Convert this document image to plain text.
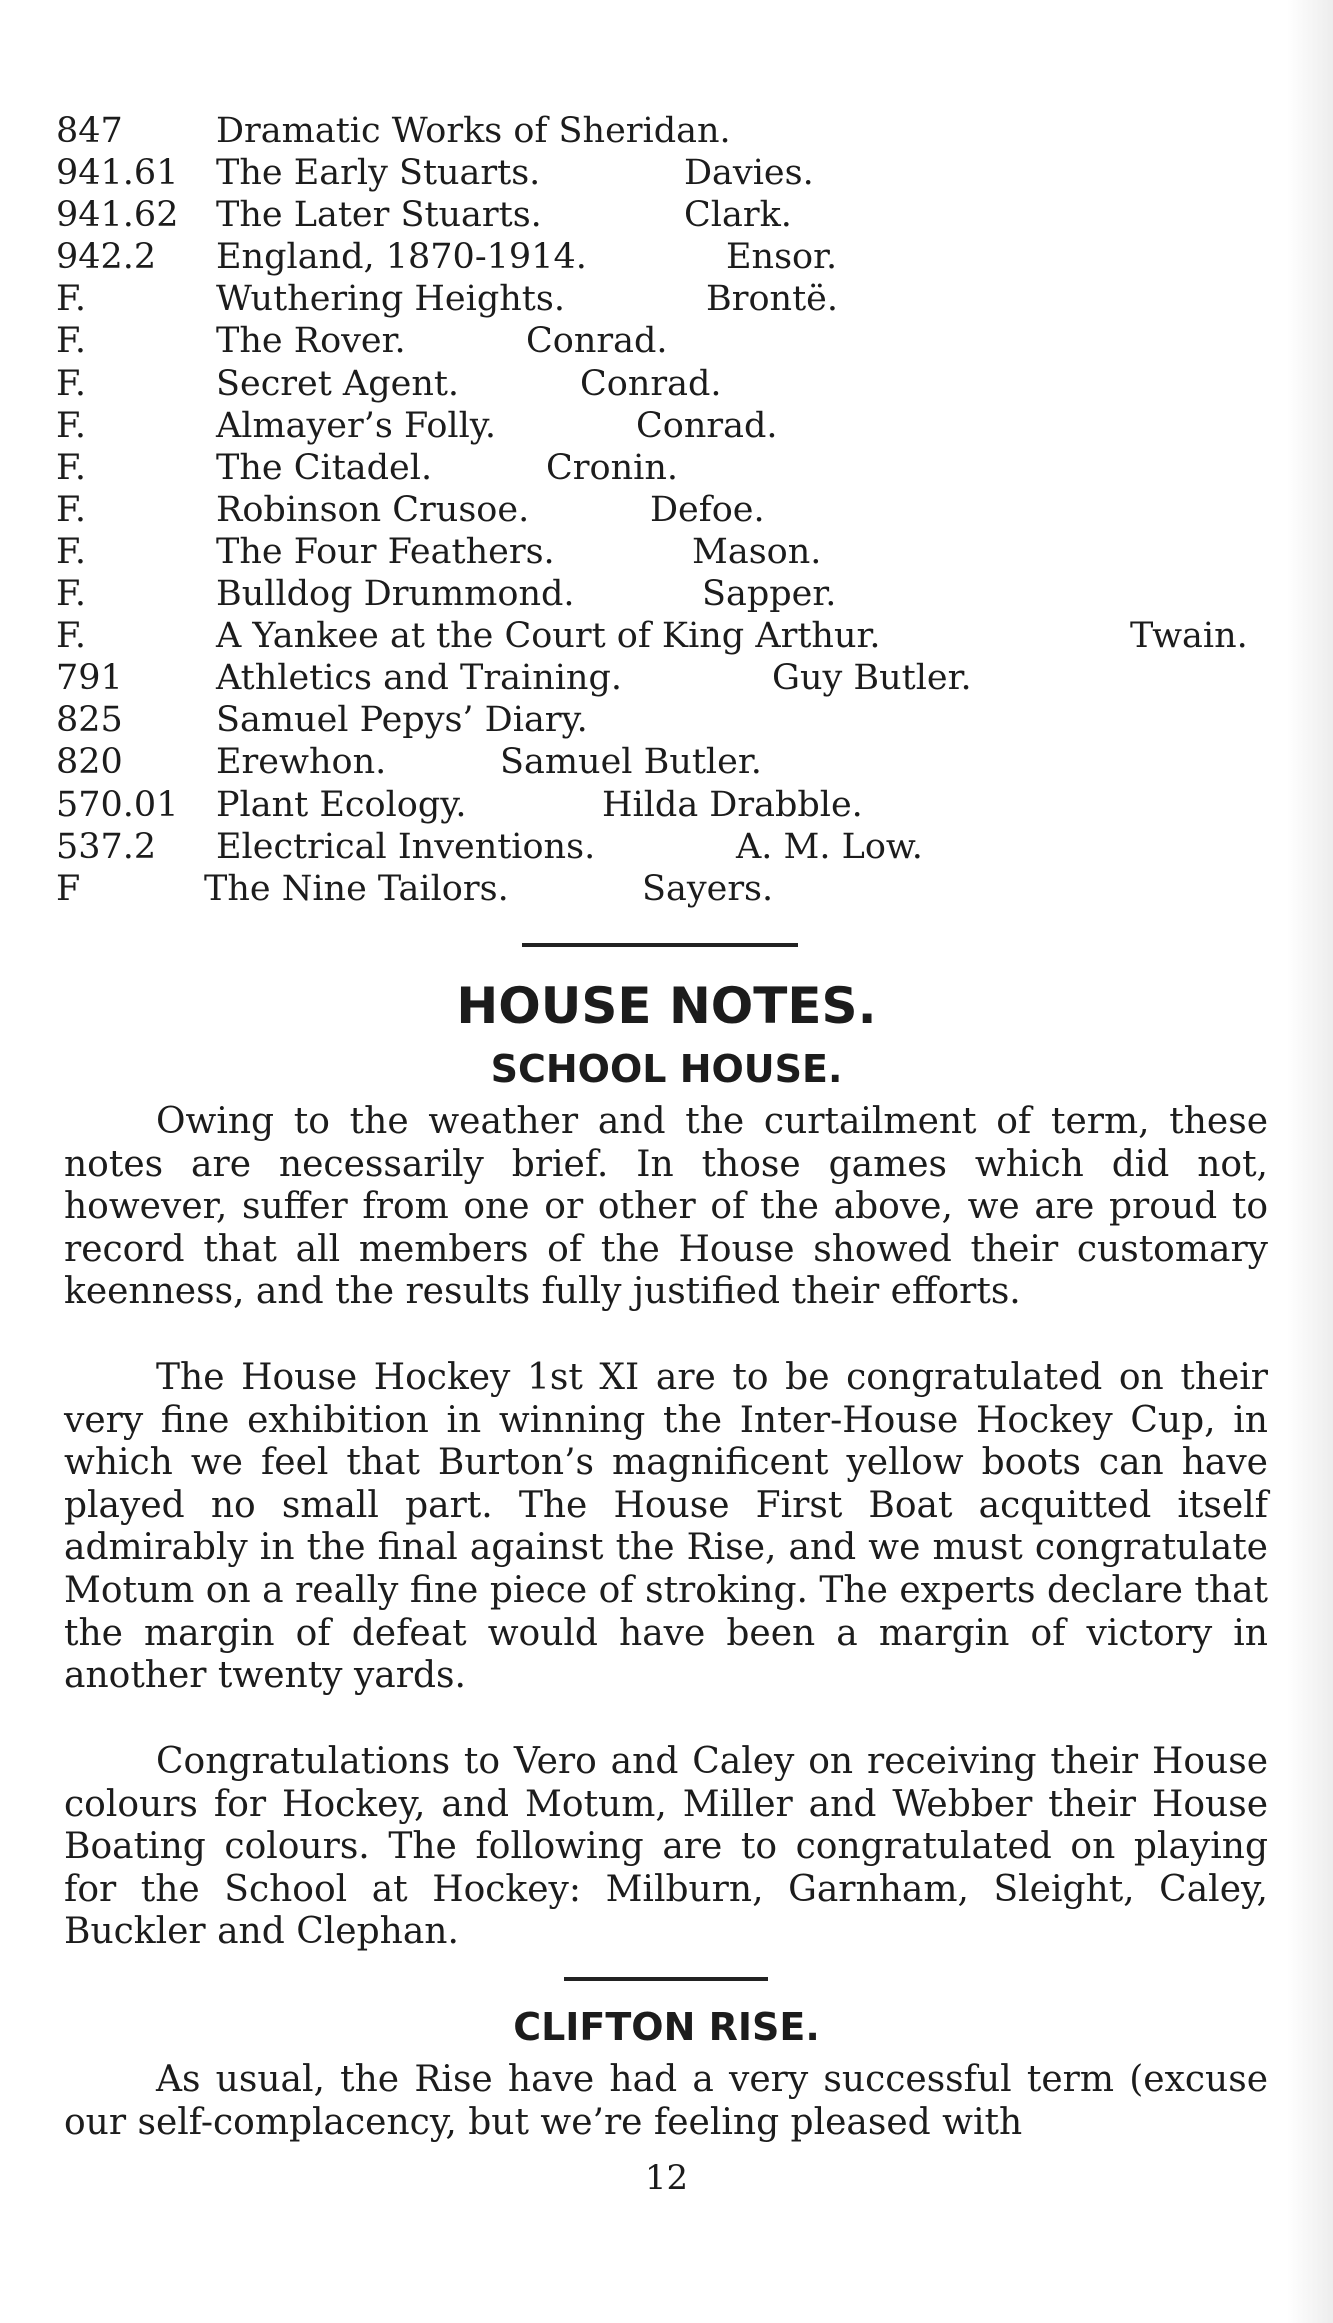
847	Dramatic Works of Sheridan.
941.61 The Early Stuarts.	Davies.
941.62 The Later Stuarts.	Clark.
942.2 England, 1870-1914.	Ensor.
F.	Wuthering Heights.	Brontë.
F.	The Rover.	Conrad.
F.	Secret Agent.	Conrad.
F.	Almayer’s Folly.	Conrad.
F.	The Citadel.	Cronin.
F.	Robinson Crusoe.	Defoe.
F.	The Four Feathers.	Mason.
F.	Bulldog Drummond.	Sapper.
F.	A Yankee at the Court of King Arthur.	Twain.
791	Athletics and Training.	Guy Butler.
825	Samuel Pepys’ Diary.
820	Erewhon.	Samuel Butler.
570.01 Plant Ecology.	Hilda Drabble.
537.2 Electrical Inventions.	A. M. Low.
F	The Nine Tailors.	Sayers.
HOUSE NOTES.
SCHOOL HOUSE.

Owing to the weather and the curtailment of term, these notes are necessarily brief. In those games which did not, however, suffer from one or other of the above, we are proud to record that all members of the House showed their customary keenness, and the results fully justified their efforts.

The House Hockey 1st XI are to be congratulated on their very fine exhibition in winning the Inter-House Hockey Cup, in which we feel that Burton’s magnificent yellow boots can have played no small part. The House First Boat acquitted itself admirably in the final against the Rise, and we must congratulate Motum on a really fine piece of stroking. The experts declare that the margin of defeat would have been a margin of victory in another twenty yards.

Congratulations to Vero and Caley on receiving their House colours for Hockey, and Motum, Miller and Webber their House Boating colours. The following are to congratulated on playing for the School at Hockey: Milburn, Garnham, Sleight, Caley, Buckler and Clephan.

CLIFTON RISE.

As usual, the Rise have had a very successful term (excuse our self-complacency, but we’re feeling pleased with

12
